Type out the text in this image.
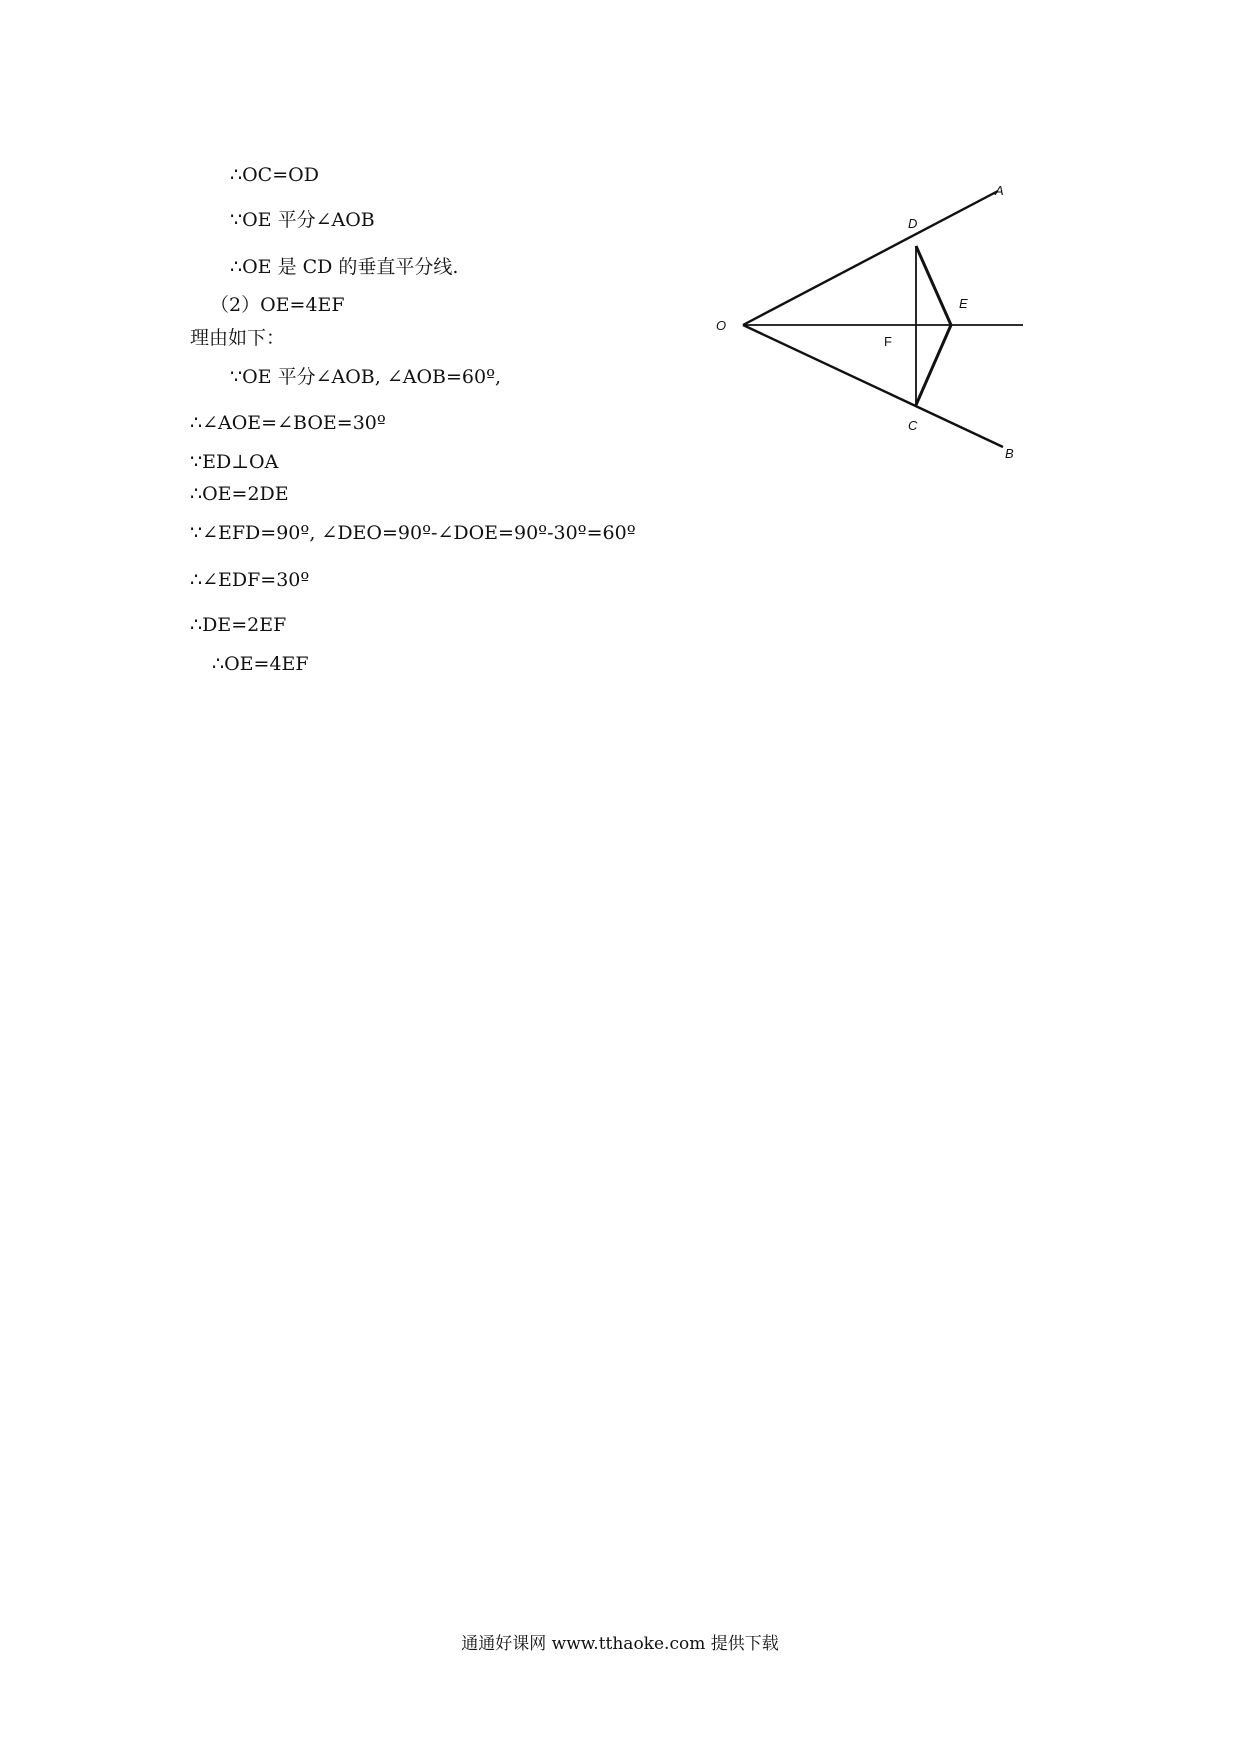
∴OC=OD
∵OE 平分∠AOB
∴OE 是 CD 的垂直平分线.
（2）OE=4EF
理由如下：
∵OE 平分∠AOB, ∠AOB=60º,
∴∠AOE=∠BOE=30º
∵ED⊥OA
∴OE=2DE
∵∠EFD=90º, ∠DEO=90º-∠DOE=90º-30º=60º
∴∠EDF=30º
∴DE=2EF
∴OE=4EF
A
B
C
D
E
F
O
通通好课网 www.tthaoke.com 提供下载
